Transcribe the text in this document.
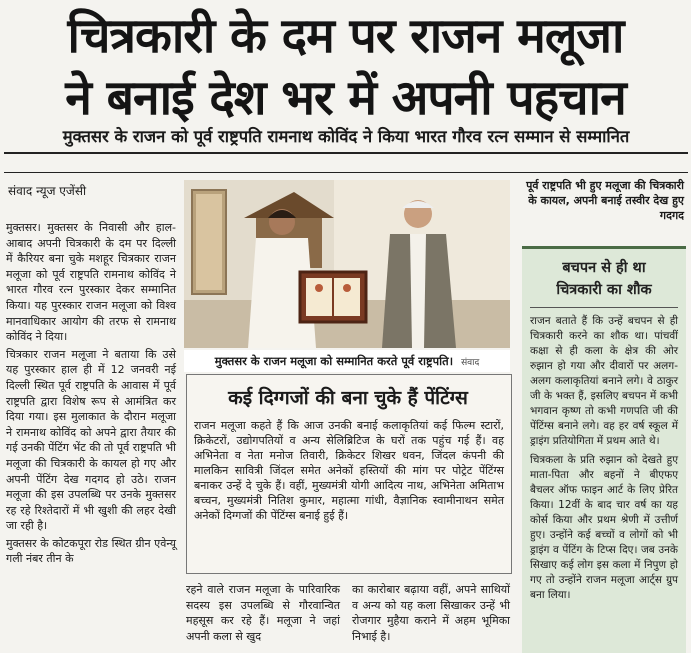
चित्रकारी के दम पर राजन मलूजा
ने बनाई देश भर में अपनी पहचान
मुक्तसर के राजन को पूर्व राष्ट्रपति रामनाथ कोविंद ने किया भारत गौरव रत्न सम्मान से सम्मानित
संवाद न्यूज एजेंसी

मुक्तसर। मुक्तसर के निवासी और हाल-आबाद अपनी चित्रकारी के दम पर दिल्ली में कैरियर बना चुके मशहूर चित्रकार राजन मलूजा को पूर्व राष्ट्रपति रामनाथ कोविंद ने भारत गौरव रत्न पुरस्कार देकर सम्मानित किया। यह पुरस्कार राजन मलूजा को विश्व मानवाधिकार आयोग की तरफ से रामनाथ कोविंद ने दिया।

चित्रकार राजन मलूजा ने बताया कि उसे यह पुरस्कार हाल ही में 12 जनवरी नई दिल्ली स्थित पूर्व राष्ट्रपति के आवास में पूर्व राष्ट्रपति द्वारा विशेष रूप से आमंत्रित कर दिया गया। इस मुलाकात के दौरान मलूजा ने रामनाथ कोविंद को अपने द्वारा तैयार की गई उनकी पेंटिंग भेंट की तो पूर्व राष्ट्रपति भी मलूजा की चित्रकारी के कायल हो गए और अपनी पेंटिंग देख गदगद हो उठे। राजन मलूजा की इस उपलब्धि पर उनके मुक्तसर रह रहे रिश्तेदारों में भी खुशी की लहर देखी जा रही है।

मुक्तसर के कोटकपूरा रोड स्थित ग्रीन एवेन्यू गली नंबर तीन के

मुक्तसर के राजन मलूजा को सम्मानित करते पूर्व राष्ट्रपति। संवाद
पूर्व राष्ट्रपति भी हुए मलूजा की चित्रकारी के कायल, अपनी बनाई तस्वीर देख हुए गदगद
बचपन से ही था
चित्रकारी का शौक

राजन बताते हैं कि उन्हें बचपन से ही चित्रकारी करने का शौक था। पांचवीं कक्षा से ही कला के क्षेत्र की ओर रुझान हो गया और दीवारों पर अलग-अलग कलाकृतियां बनाने लगे। वे ठाकुर जी के भक्त हैं, इसलिए बचपन में कभी भगवान कृष्ण तो कभी गणपति जी की पेंटिंग्स बनाने लगे। वह हर वर्ष स्कूल में ड्राइंग प्रतियोगिता में प्रथम आते थे।

चित्रकला के प्रति रुझान को देखते हुए माता-पिता और बहनों ने बीएफए बैचलर ऑफ फाइन आर्ट के लिए प्रेरित किया। 12वीं के बाद चार वर्ष का यह कोर्स किया और प्रथम श्रेणी में उत्तीर्ण हुए। उन्होंने कई बच्चों व लोगों को भी ड्राइंग व पेंटिंग के टिप्स दिए। जब उनके सिखाए कई लोग इस कला में निपुण हो गए तो उन्होंने राजन मलूजा आर्ट्स ग्रुप बना लिया।

कई दिग्गजों की बना चुके हैं पेंटिंग्स
राजन मलूजा कहते हैं कि आज उनकी बनाई कलाकृतियां कई फिल्म स्टारों, क्रिकेटरों, उद्योगपतियों व अन्य सेलिब्रिटिज के घरों तक पहुंच गई हैं। वह अभिनेता व नेता मनोज तिवारी, क्रिकेटर शिखर धवन, जिंदल कंपनी की मालकिन सावित्री जिंदल समेत अनेकों हस्तियों की मांग पर पोट्रेट पेंटिंग्स बनाकर उन्हें दे चुके हैं। वहीं, मुख्यमंत्री योगी आदित्य नाथ, अभिनेता अमिताभ बच्चन, मुख्यमंत्री नितिश कुमार, महात्मा गांधी, वैज्ञानिक स्वामीनाथन समेत अनेकों दिग्गजों की पेंटिंग्स बनाई हुई हैं।
रहने वाले राजन मलूजा के पारिवारिक सदस्य इस उपलब्धि से गौरवान्वित महसूस कर रहे हैं। मलूजा ने जहां अपनी कला से खुद
का कारोबार बढ़ाया वहीं, अपने साथियों व अन्य को यह कला सिखाकर उन्हें भी रोजगार मुहैया कराने में अहम भूमिका निभाई है।
